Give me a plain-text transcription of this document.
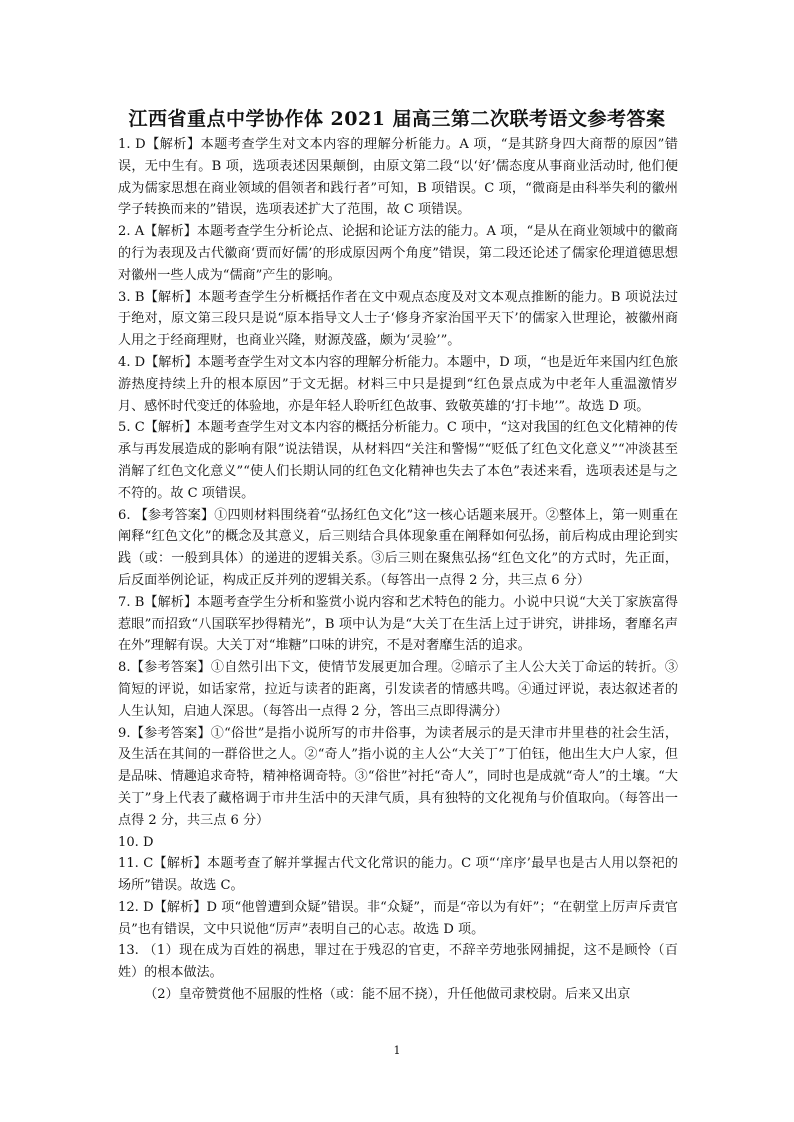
江西省重点中学协作体 2021 届高三第二次联考语文参考答案

1. D【解析】本题考查学生对文本内容的理解分析能力。A 项，“是其跻身四大商帮的原因”错误，无中生有。B 项，选项表述因果颠倒，由原文第二段“以‘好’儒态度从事商业活动时, 他们便成为儒家思想在商业领域的倡领者和践行者”可知，B 项错误。C 项，“微商是由科举失利的徽州学子转换而来的”错误，选项表述扩大了范围，故 C 项错误。

2. A【解析】本题考查学生分析论点、论据和论证方法的能力。A 项，“是从在商业领域中的徽商的行为表现及古代徽商‘贾而好儒’的形成原因两个角度”错误，第二段还论述了儒家伦理道德思想对徽州一些人成为“儒商”产生的影响。

3. B【解析】本题考查学生分析概括作者在文中观点态度及对文本观点推断的能力。B 项说法过于绝对，原文第三段只是说“原本指导文人士子‘修身齐家治国平天下’的儒家入世理论，被徽州商人用之于经商理财，也商业兴隆，财源茂盛，颇为‘灵验’”。

4. D【解析】本题考查学生对文本内容的理解分析能力。本题中，D 项，“也是近年来国内红色旅游热度持续上升的根本原因”于文无据。材料三中只是提到“红色景点成为中老年人重温激情岁月、感怀时代变迁的体验地，亦是年轻人聆听红色故事、致敬英雄的‘打卡地’”。故选 D 项。

5. C【解析】本题考查学生对文本内容的概括分析能力。C 项中，“这对我国的红色文化精神的传承与再发展造成的影响有限”说法错误，从材料四“关注和警惕”“贬低了红色文化意义”“冲淡甚至消解了红色文化意义”“使人们长期认同的红色文化精神也失去了本色”表述来看，选项表述是与之不符的。故 C 项错误。

6. 【参考答案】①四则材料围绕着“弘扬红色文化”这一核心话题来展开。②整体上，第一则重在阐释“红色文化”的概念及其意义，后三则结合具体现象重在阐释如何弘扬，前后构成由理论到实践（或：一般到具体）的递进的逻辑关系。③后三则在聚焦弘扬“红色文化”的方式时，先正面，后反面举例论证，构成正反并列的逻辑关系。（每答出一点得 2 分，共三点 6 分）

7. B【解析】本题考查学生分析和鉴赏小说内容和艺术特色的能力。小说中只说“大关丁家族富得惹眼”而招致“八国联军抄得精光”，B 项中认为是“大关丁在生活上过于讲究，讲排场，奢靡名声在外”理解有误。大关丁对“堆糖”口味的讲究，不是对奢靡生活的追求。

8.【参考答案】①自然引出下文，使情节发展更加合理。②暗示了主人公大关丁命运的转折。③简短的评说，如话家常，拉近与读者的距离，引发读者的情感共鸣。④通过评说，表达叙述者的人生认知，启迪人深思。（每答出一点得 2 分，答出三点即得满分）

9.【参考答案】①“俗世”是指小说所写的市井俗事，为读者展示的是天津市井里巷的社会生活，及生活在其间的一群俗世之人。②“奇人”指小说的主人公“大关丁”丁伯钰，他出生大户人家，但是品味、情趣追求奇特，精神格调奇特。③“俗世”衬托“奇人”，同时也是成就“奇人”的土壤。“大关丁”身上代表了藏格调于市井生活中的天津气质，具有独特的文化视角与价值取向。（每答出一点得 2 分，共三点 6 分）

10. D

11. C【解析】本题考查了解并掌握古代文化常识的能力。C 项“‘庠序’最早也是古人用以祭祀的场所”错误。故选 C。

12. D【解析】D 项“他曾遭到众疑”错误。非“众疑”，而是“帝以为有奸”；“在朝堂上厉声斥责官员”也有错误，文中只说他“厉声”表明自己的心志。故选 D 项。

13. （1）现在成为百姓的祸患，罪过在于残忍的官吏，不辞辛劳地张网捕捉，这不是顾怜（百姓）的根本做法。

（2）皇帝赞赏他不屈服的性格（或：能不屈不挠），升任他做司隶校尉。后来又出京

1
